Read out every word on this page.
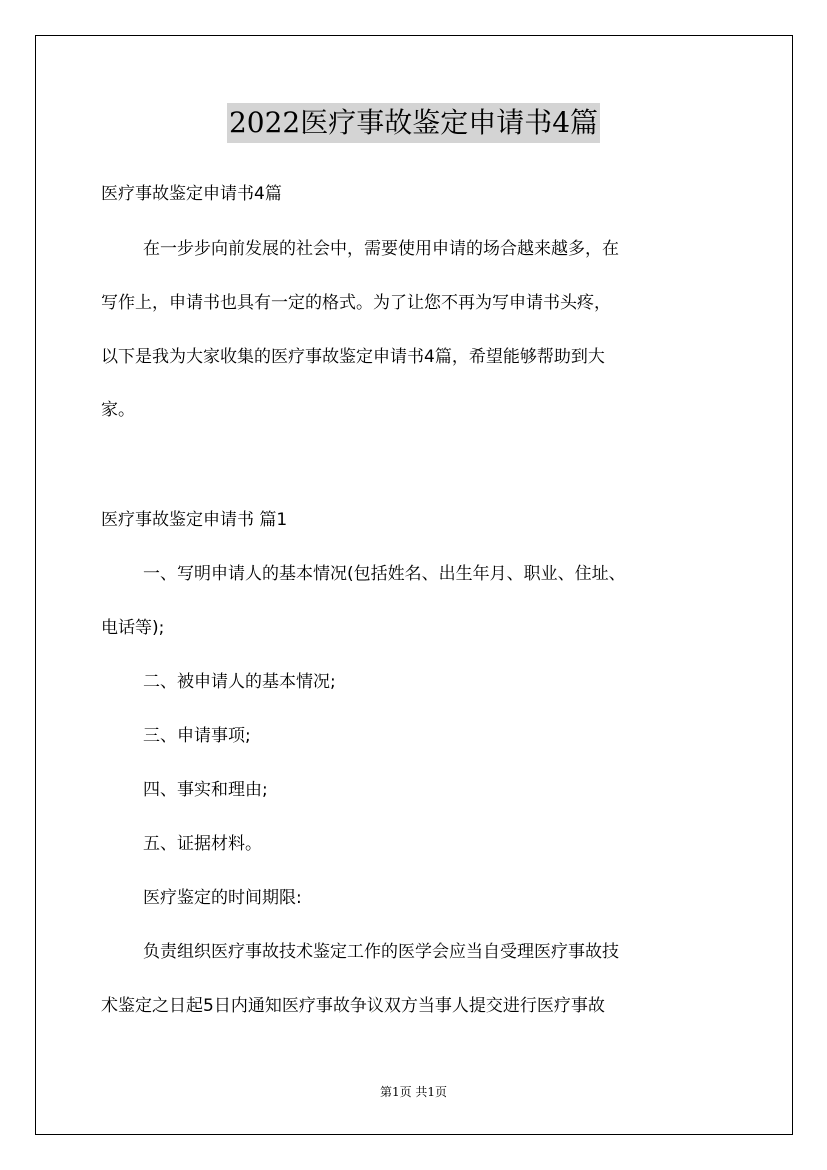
2022医疗事故鉴定申请书4篇

医疗事故鉴定申请书4篇

在一步步向前发展的社会中，需要使用申请的场合越来越多，在

写作上，申请书也具有一定的格式。为了让您不再为写申请书头疼，

以下是我为大家收集的医疗事故鉴定申请书4篇，希望能够帮助到大

家。

医疗事故鉴定申请书 篇1

一、写明申请人的基本情况(包括姓名、出生年月、职业、住址、

电话等);

二、被申请人的基本情况;

三、申请事项;

四、事实和理由;

五、证据材料。

医疗鉴定的时间期限:

负责组织医疗事故技术鉴定工作的医学会应当自受理医疗事故技

术鉴定之日起5日内通知医疗事故争议双方当事人提交进行医疗事故

第1页 共1页
